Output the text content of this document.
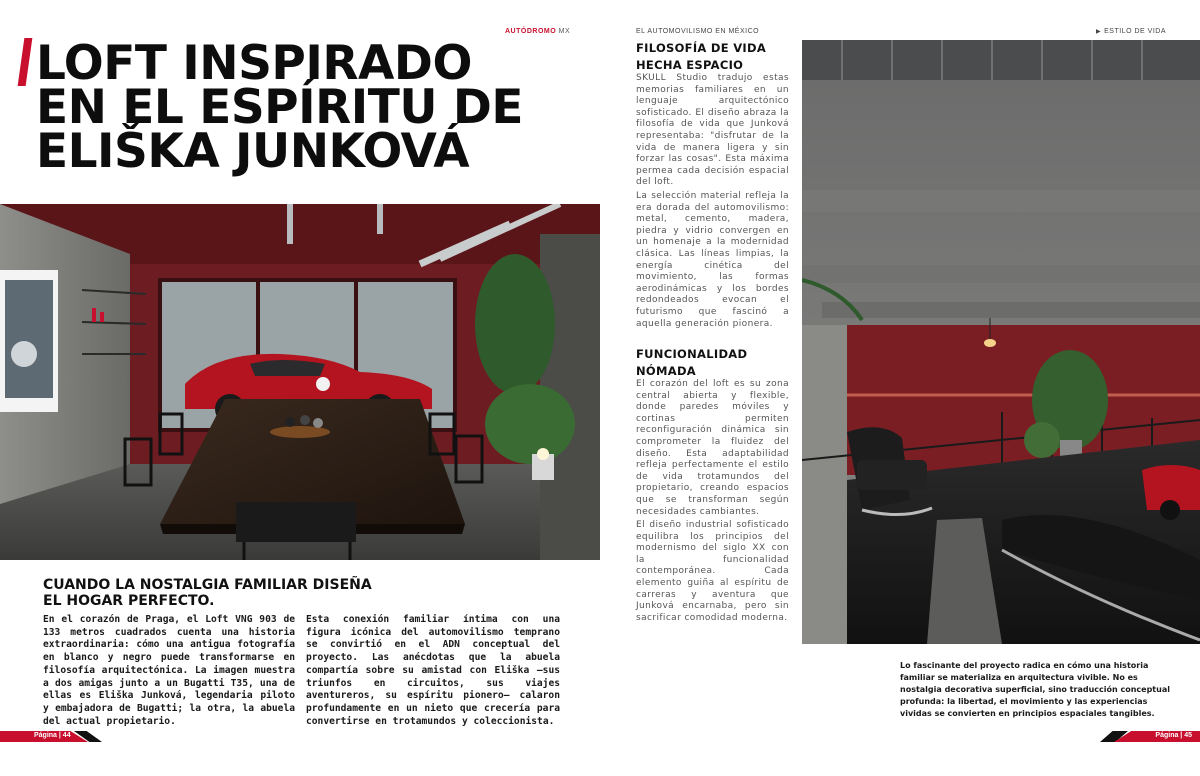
AUTÓDROMO MX	EL AUTOMOVILISMO EN MÉXICO	▶ ESTILO DE VIDA
LOFT INSPIRADO
EN EL ESPÍRITU DE
ELIŠKA JUNKOVÁ
CUANDO LA NOSTALGIA FAMILIAR DISEÑA
EL HOGAR PERFECTO.

En el corazón de Praga, el Loft VNG 903 de 133 metros cuadrados cuenta una historia extraordinaria: cómo una antigua fotografía en blanco y negro puede transformarse en filosofía arquitectónica. La imagen muestra a dos amigas junto a un Bugatti T35, una de ellas es Eliška Junková, legendaria piloto y embajadora de Bugatti; la otra, la abuela del actual propietario.

Esta conexión familiar íntima con una figura icónica del automovilismo temprano se convirtió en el ADN conceptual del proyecto. Las anécdotas que la abuela compartía sobre su amistad con Eliška —sus triunfos en circuitos, sus viajes aventureros, su espíritu pionero— calaron profundamente en un nieto que crecería para convertirse en trotamundos y coleccionista.

FILOSOFÍA DE VIDA
HECHA ESPACIO

SKULL Studio tradujo estas memorias familiares en un lenguaje arquitectónico sofisticado. El diseño abraza la filosofía de vida que Junková representaba: "disfrutar de la vida de manera ligera y sin forzar las cosas". Esta máxima permea cada decisión espacial del loft.

La selección material refleja la era dorada del automovilismo: metal, cemento, madera, piedra y vidrio convergen en un homenaje a la modernidad clásica. Las líneas limpias, la energía cinética del movimiento, las formas aerodinámicas y los bordes redondeados evocan el futurismo que fascinó a aquella generación pionera.

FUNCIONALIDAD
NÓMADA

El corazón del loft es su zona central abierta y flexible, donde paredes móviles y cortinas permiten reconfiguración dinámica sin comprometer la fluidez del diseño. Esta adaptabilidad refleja perfectamente el estilo de vida trotamundos del propietario, creando espacios que se transforman según necesidades cambiantes.

El diseño industrial sofisticado equilibra los principios del modernismo del siglo XX con la funcionalidad contemporánea. Cada elemento guiña al espíritu de carreras y aventura que Junková encarnaba, pero sin sacrificar comodidad moderna.

Lo fascinante del proyecto radica en cómo una historia familiar se materializa en arquitectura vivible. No es nostalgia decorativa superficial, sino traducción conceptual profunda: la libertad, el movimiento y las experiencias vividas se convierten en principios espaciales tangibles.

Página | 44	Página | 45
